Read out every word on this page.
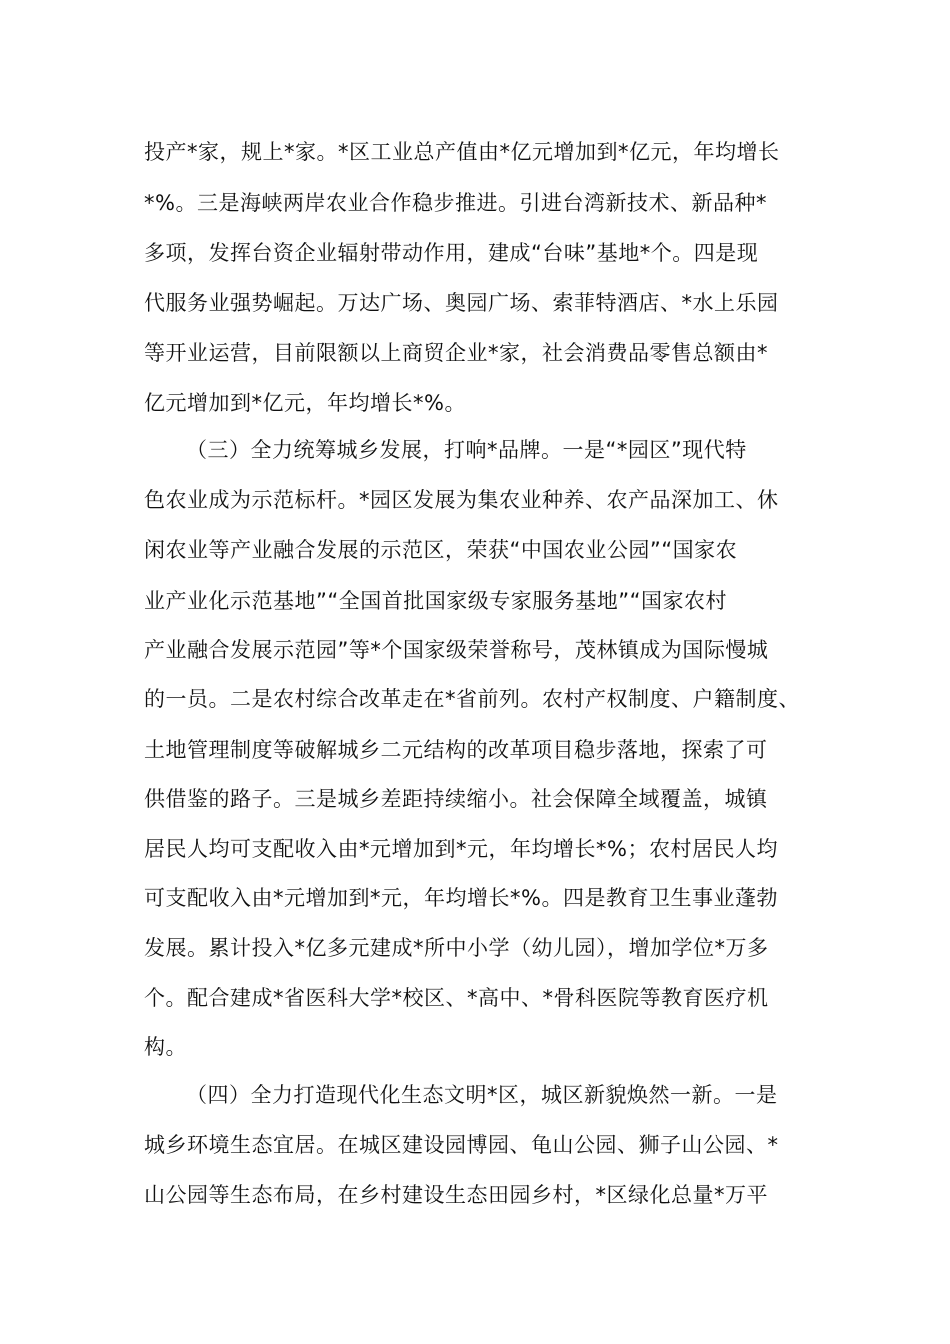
投产*家，规上*家。*区工业总产值由*亿元增加到*亿元，年均增长
*%。三是海峡两岸农业合作稳步推进。引进台湾新技术、新品种*
多项，发挥台资企业辐射带动作用，建成“台味”基地*个。四是现
代服务业强势崛起。万达广场、奥园广场、索菲特酒店、*水上乐园
等开业运营，目前限额以上商贸企业*家，社会消费品零售总额由*
亿元增加到*亿元，年均增长*%。
（三）全力统筹城乡发展，打响*品牌。一是“*园区”现代特
色农业成为示范标杆。*园区发展为集农业种养、农产品深加工、休
闲农业等产业融合发展的示范区，荣获“中国农业公园”“国家农
业产业化示范基地”“全国首批国家级专家服务基地”“国家农村
产业融合发展示范园”等*个国家级荣誉称号，茂林镇成为国际慢城
的一员。二是农村综合改革走在*省前列。农村产权制度、户籍制度、
土地管理制度等破解城乡二元结构的改革项目稳步落地，探索了可
供借鉴的路子。三是城乡差距持续缩小。社会保障全域覆盖，城镇
居民人均可支配收入由*元增加到*元，年均增长*%；农村居民人均
可支配收入由*元增加到*元，年均增长*%。四是教育卫生事业蓬勃
发展。累计投入*亿多元建成*所中小学（幼儿园），增加学位*万多
个。配合建成*省医科大学*校区、*高中、*骨科医院等教育医疗机
构。
（四）全力打造现代化生态文明*区，城区新貌焕然一新。一是
城乡环境生态宜居。在城区建设园博园、龟山公园、狮子山公园、*
山公园等生态布局，在乡村建设生态田园乡村，*区绿化总量*万平
